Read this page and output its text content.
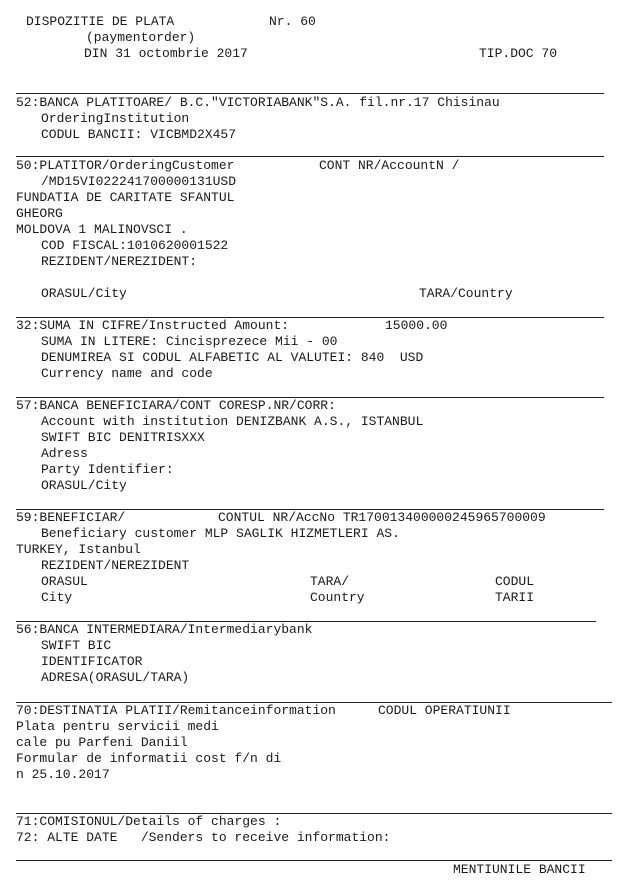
DISPOZITIE DE PLATA	Nr. 60
(paymentorder)
DIN 31 octombrie 2017	TIP.DOC 70
52:BANCA PLATITOARE/ B.C."VICTORIABANK"S.A. fil.nr.17 Chisinau
OrderingInstitution
CODUL BANCII: VICBMD2X457
50:PLATITOR/OrderingCustomer	CONT NR/AccountN /
/MD15VI022241700000131USD
FUNDATIA DE CARITATE SFANTUL
GHEORG
MOLDOVA 1 MALINOVSCI .
COD FISCAL:1010620001522
REZIDENT/NEREZIDENT:
ORASUL/City	TARA/Country
32:SUMA IN CIFRE/Instructed Amount:	15000.00
SUMA IN LITERE: Cincisprezece Mii - 00
DENUMIREA SI CODUL ALFABETIC AL VALUTEI: 840  USD
Currency name and code
57:BANCA BENEFICIARA/CONT CORESP.NR/CORR:
Account with institution DENIZBANK A.S., ISTANBUL
SWIFT BIC DENITRISXXX
Adress
Party Identifier:
ORASUL/City
59:BENEFICIAR/	CONTUL NR/AccNo TR170013400000245965700009
Beneficiary customer MLP SAGLIK HIZMETLERI AS.
TURKEY, Istanbul
REZIDENT/NEREZIDENT
ORASUL	TARA/	CODUL
City	Country	TARII
56:BANCA INTERMEDIARA/Intermediarybank
SWIFT BIC
IDENTIFICATOR
ADRESA(ORASUL/TARA)
70:DESTINATIA PLATII/Remitanceinformation	CODUL OPERATIUNII
Plata pentru servicii medi
cale pu Parfeni Daniil
Formular de informatii cost f/n di
n 25.10.2017
71:COMISIONUL/Details of charges :
72: ALTE DATE   /Senders to receive information:
MENTIUNILE BANCII
